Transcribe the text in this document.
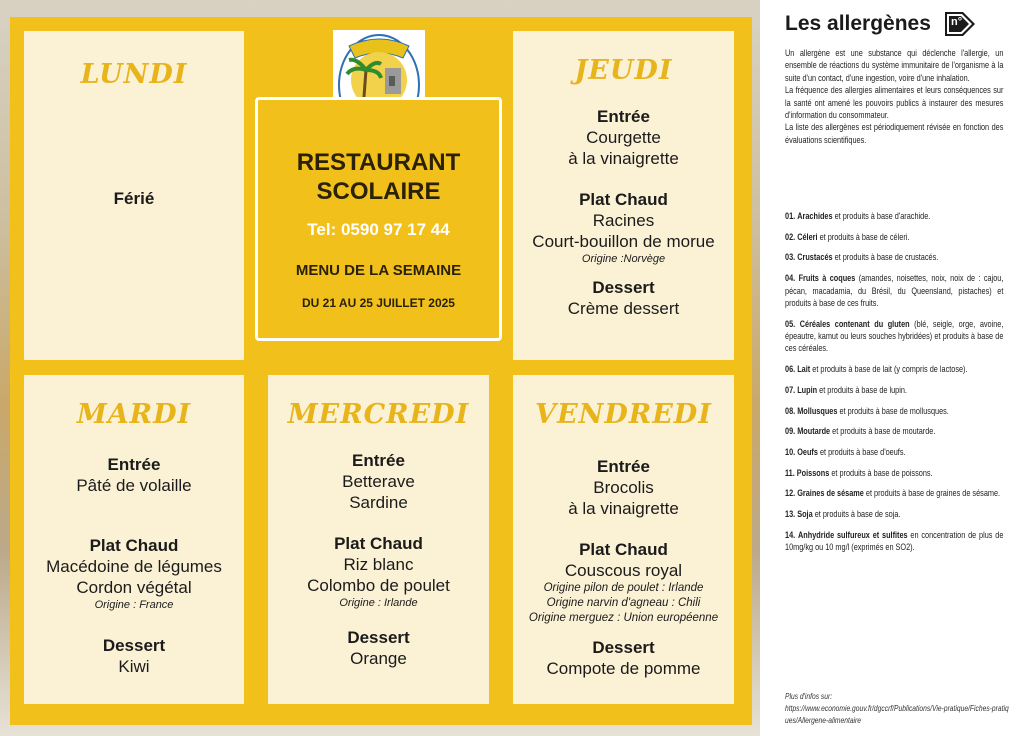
LUNDI
Férié
RESTAURANT
SCOLAIRE
Tel: 0590 97 17 44
MENU DE LA SEMAINE
DU 21 AU 25 JUILLET 2025
JEUDI
Entrée
Courgette
à la vinaigrette
Plat Chaud
Racines
Court-bouillon de morue
Origine :Norvège
Dessert
Crème dessert
MARDI
Entrée
Pâté de volaille
Plat Chaud
Macédoine de légumes
Cordon végétal
Origine : France
Dessert
Kiwi
MERCREDI
Entrée
Betterave
Sardine
Plat Chaud
Riz blanc
Colombo de poulet
Origine : Irlande
Dessert
Orange
VENDREDI
Entrée
Brocolis
à la vinaigrette
Plat Chaud
Couscous royal
Origine pilon de poulet : Irlande
Origine narvin d'agneau : Chili
Origine merguez : Union européenne
Dessert
Compote de pomme
Les allergènes n°
Un allergène est une substance qui déclenche l'allergie, un ensemble de réactions du système immunitaire de l'organisme à la suite d'un contact, d'une ingestion, voire d'une inhalation.
La fréquence des allergies alimentaires et leurs conséquences sur la santé ont amené les pouvoirs publics à instaurer des mesures d'information du consommateur.
La liste des allergènes est périodiquement révisée en fonction des évaluations scientifiques.
01. Arachides et produits à base d'arachide.
02. Céleri et produits à base de céleri.
03. Crustacés et produits à base de crustacés.
04. Fruits à coques (amandes, noisettes, noix, noix de : cajou, pécan, macadamia, du Brésil, du Queensland, pistaches) et produits à base de ces fruits.
05. Céréales contenant du gluten (blé, seigle, orge, avoine, épeautre, kamut ou leurs souches hybridées) et produits à base de ces céréales.
06. Lait et produits à base de lait (y compris de lactose).
07. Lupin et produits à base de lupin.
08. Mollusques et produits à base de mollusques.
09. Moutarde et produits à base de moutarde.
10. Oeufs et produits à base d'oeufs.
11. Poissons et produits à base de poissons.
12. Graines de sésame et produits à base de graines de sésame.
13. Soja et produits à base de soja.
14. Anhydride sulfureux et sulfites en concentration de plus de 10mg/kg ou 10 mg/l (exprimés en SO2).
Plus d'infos sur:
https://www.economie.gouv.fr/dgccrf/Publications/Vie-pratique/Fiches-pratiques/Allergene-alimentaire
